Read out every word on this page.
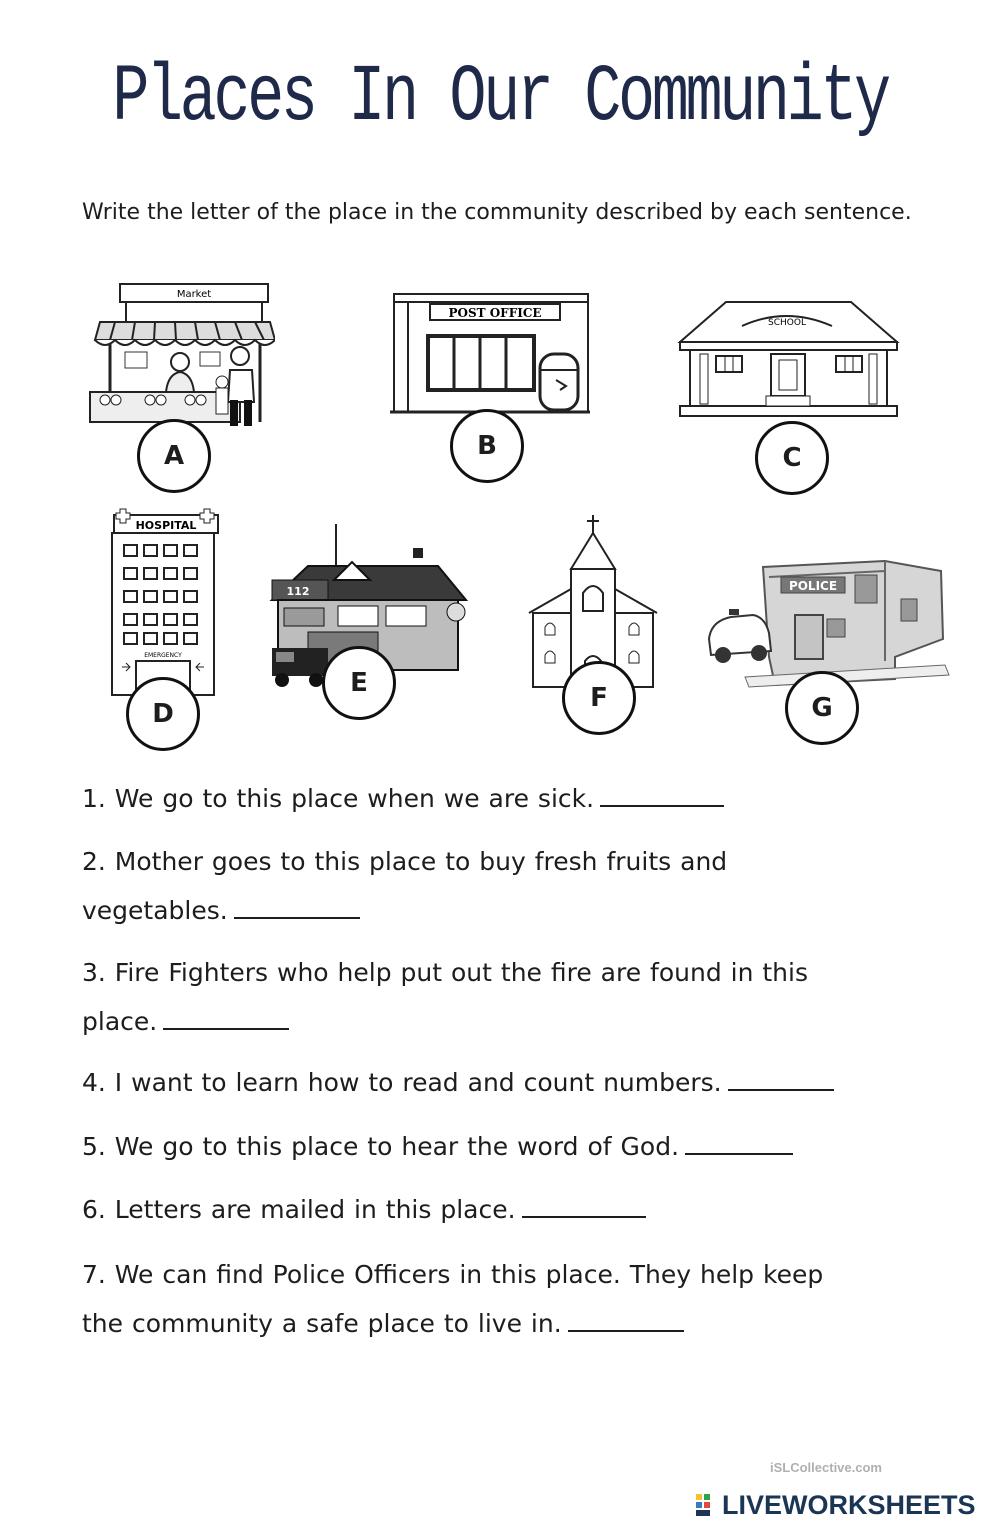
Places In Our Community
Write the letter of the place in the community described by each sentence.
Market
A
POST OFFICE
B
SCHOOL
C
HOSPITAL
EMERGENCY
D
112
E	F
POLICE
G
1. We go to this place when we are sick.
2. Mother goes to this place to buy fresh fruits and
vegetables.
3. Fire Fighters who help put out the fire are found in this
place.
4. I want to learn how to read and count numbers.
5. We go to this place to hear the word of God.
6. Letters are mailed in this place.
7. We can find Police Officers in this place. They help keep
the community a safe place to live in.
iSLCollective.com
LIVEWORKSHEETS
